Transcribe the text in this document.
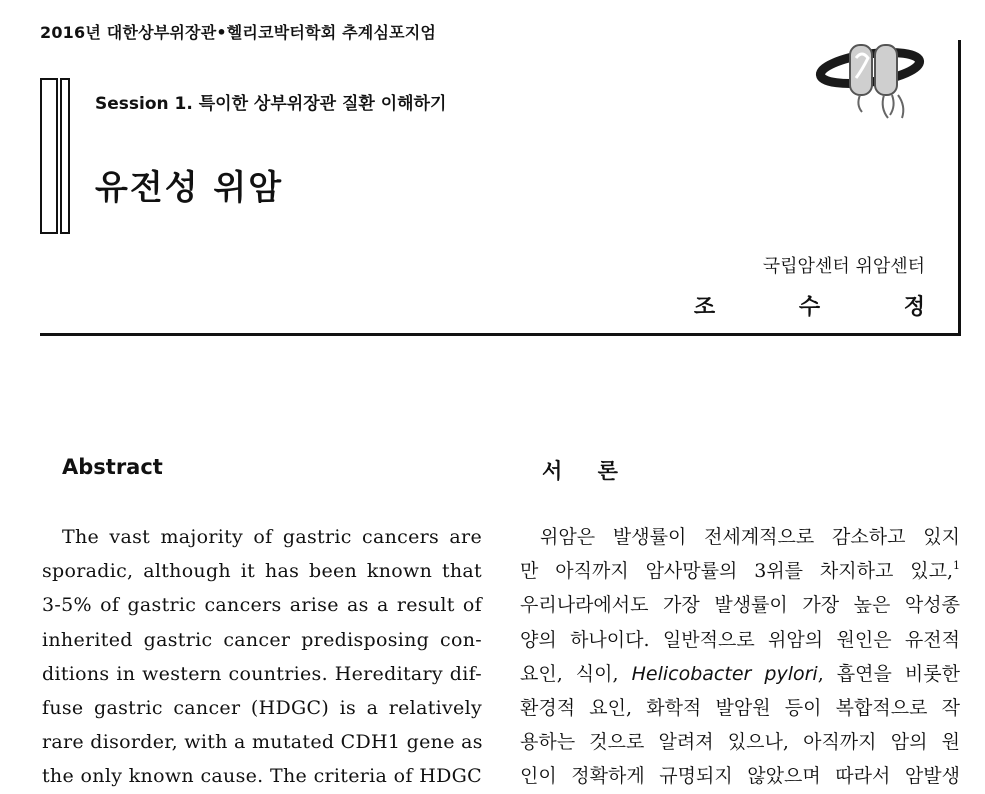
2016년 대한상부위장관•헬리코박터학회 추계심포지엄
Session 1. 특이한 상부위장관 질환 이해하기
유전성 위암
국립암센터 위암센터
조 수 정
Abstract	서 론
The vast majority of gastric cancers are
sporadic, although it has been known that
3-5% of gastric cancers arise as a result of
inherited gastric cancer predisposing con-
ditions in western countries. Hereditary dif-
fuse gastric cancer (HDGC) is a relatively
rare disorder, with a mutated CDH1 gene as
the only known cause. The criteria of HDGC
위암은 발생률이 전세계적으로 감소하고 있지
만 아직까지 암사망률의 3위를 차지하고 있고,$^1$
우리나라에서도 가장 발생률이 가장 높은 악성종
양의 하나이다. 일반적으로 위암의 원인은 유전적
요인, 식이, Helicobacter pylori, 흡연을 비롯한
환경적 요인, 화학적 발암원 등이 복합적으로 작
용하는 것으로 알려져 있으나, 아직까지 암의 원
인이 정확하게 규명되지 않았으며 따라서 암발생
